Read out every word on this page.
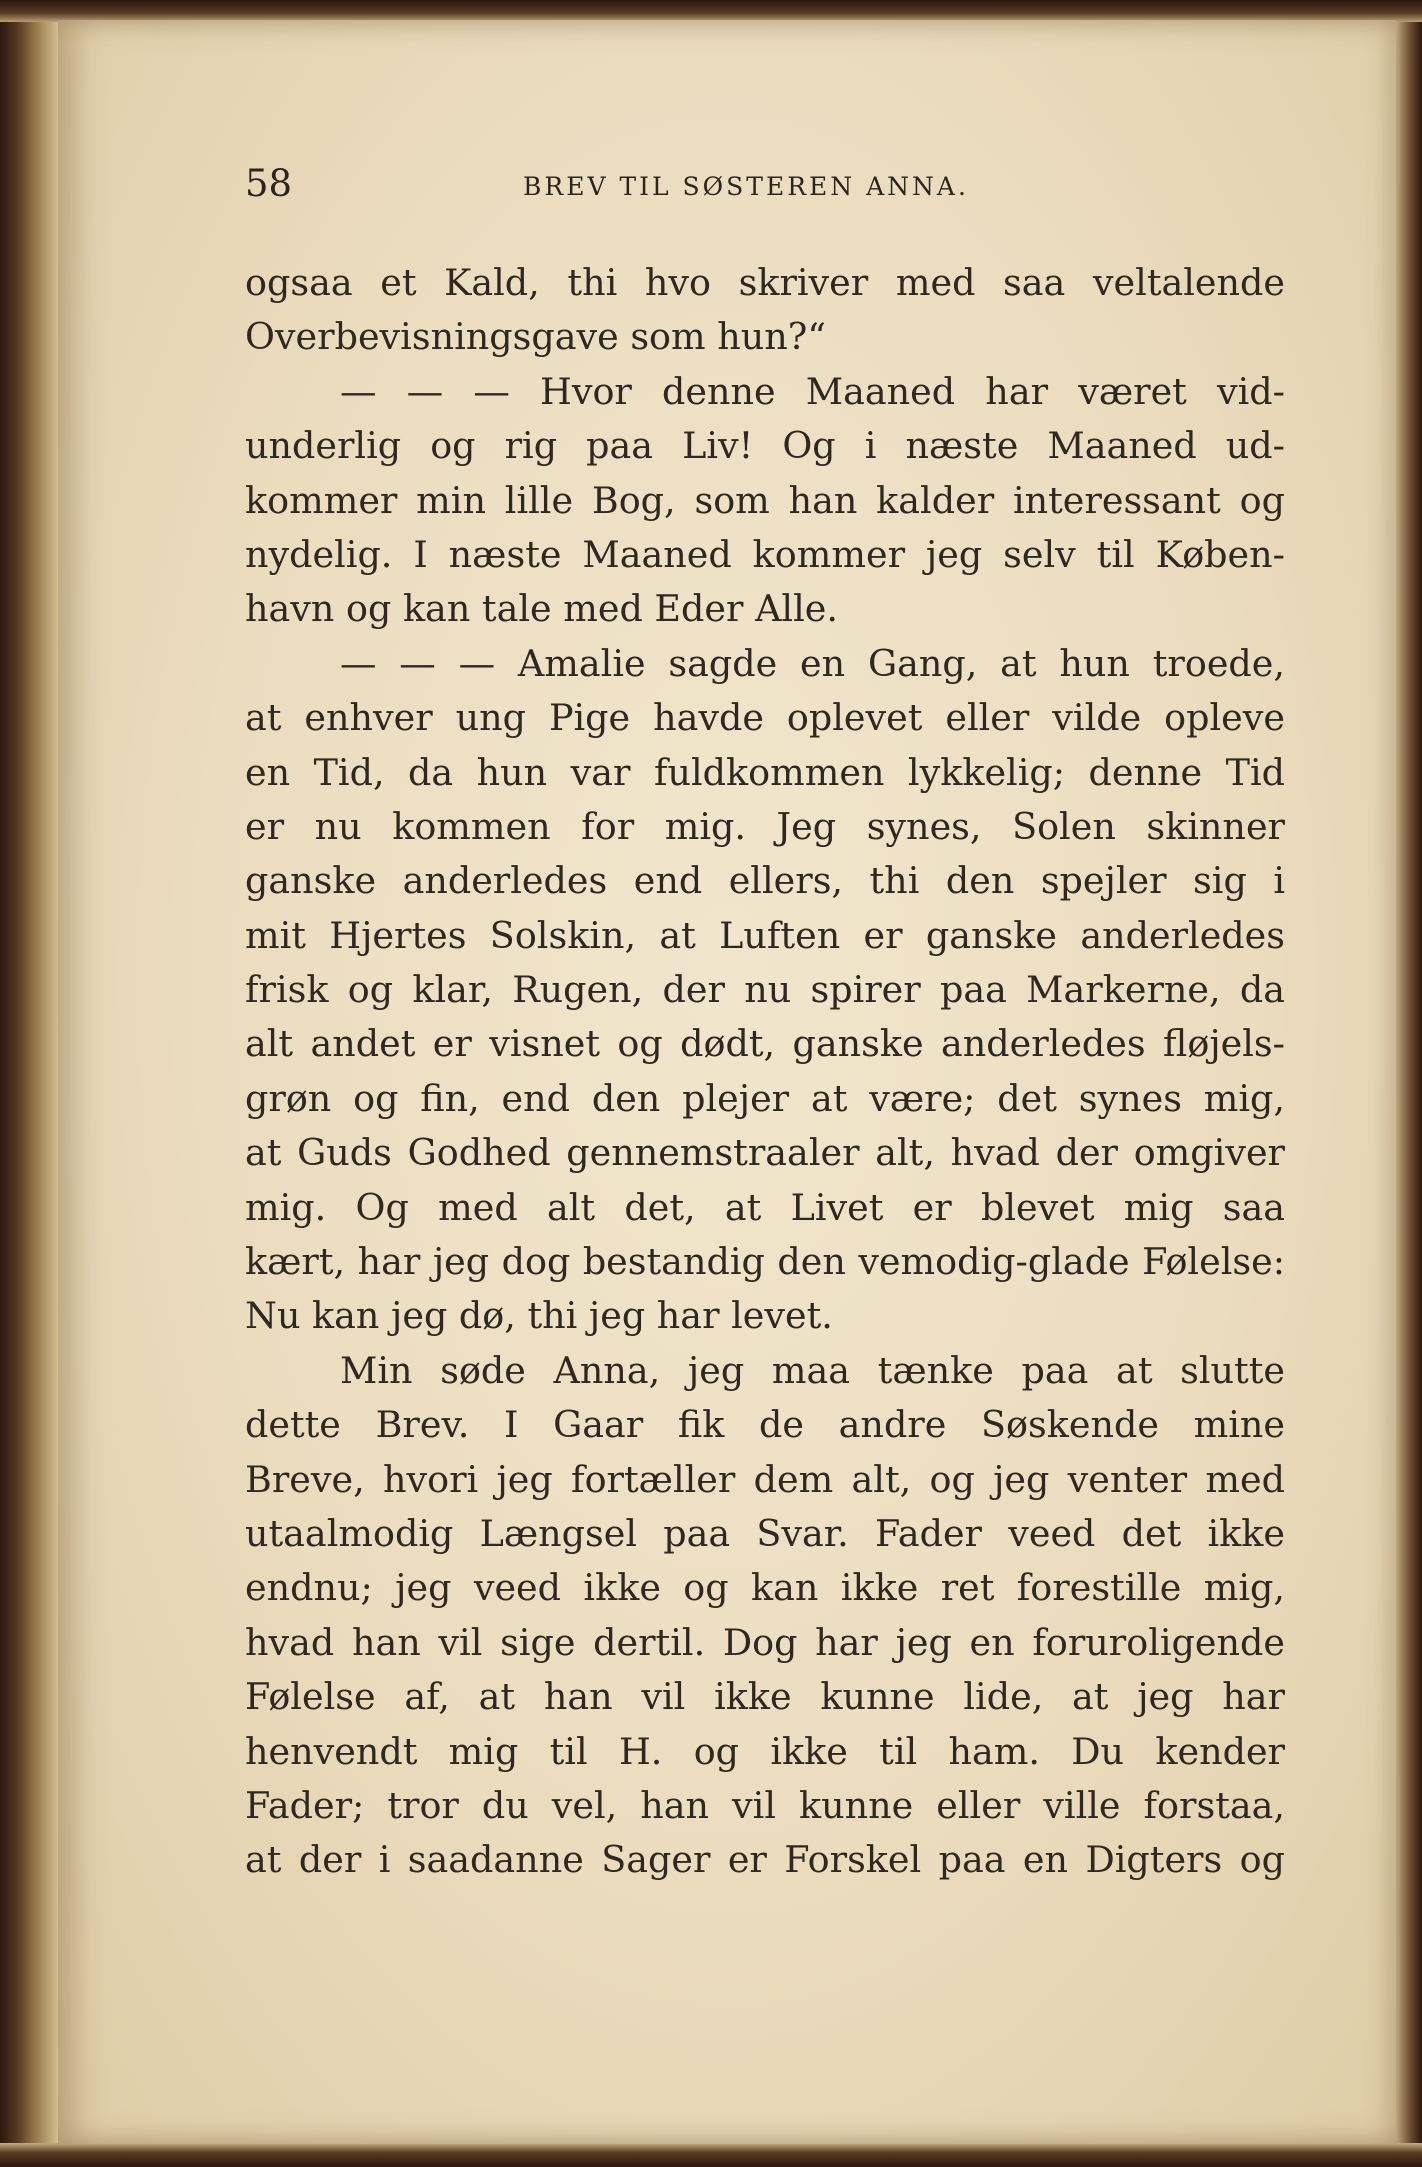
58	BREV TIL SØSTEREN ANNA.
ogsaa et Kald, thi hvo skriver med saa veltalende
Overbevisningsgave som hun?“
— — — Hvor denne Maaned har været vid-
underlig og rig paa Liv! Og i næste Maaned ud-
kommer min lille Bog, som han kalder interessant og
nydelig. I næste Maaned kommer jeg selv til Køben-
havn og kan tale med Eder Alle.
— — — Amalie sagde en Gang, at hun troede,
at enhver ung Pige havde oplevet eller vilde opleve
en Tid, da hun var fuldkommen lykkelig; denne Tid
er nu kommen for mig. Jeg synes, Solen skinner
ganske anderledes end ellers, thi den spejler sig i
mit Hjertes Solskin, at Luften er ganske anderledes
frisk og klar, Rugen, der nu spirer paa Markerne, da
alt andet er visnet og dødt, ganske anderledes fløjels-
grøn og fin, end den plejer at være; det synes mig,
at Guds Godhed gennemstraaler alt, hvad der omgiver
mig. Og med alt det, at Livet er blevet mig saa
kært, har jeg dog bestandig den vemodig-glade Følelse:
Nu kan jeg dø, thi jeg har levet.
Min søde Anna, jeg maa tænke paa at slutte
dette Brev. I Gaar fik de andre Søskende mine
Breve, hvori jeg fortæller dem alt, og jeg venter med
utaalmodig Længsel paa Svar. Fader veed det ikke
endnu; jeg veed ikke og kan ikke ret forestille mig,
hvad han vil sige dertil. Dog har jeg en foruroligende
Følelse af, at han vil ikke kunne lide, at jeg har
henvendt mig til H. og ikke til ham. Du kender
Fader; tror du vel, han vil kunne eller ville forstaa,
at der i saadanne Sager er Forskel paa en Digters og
